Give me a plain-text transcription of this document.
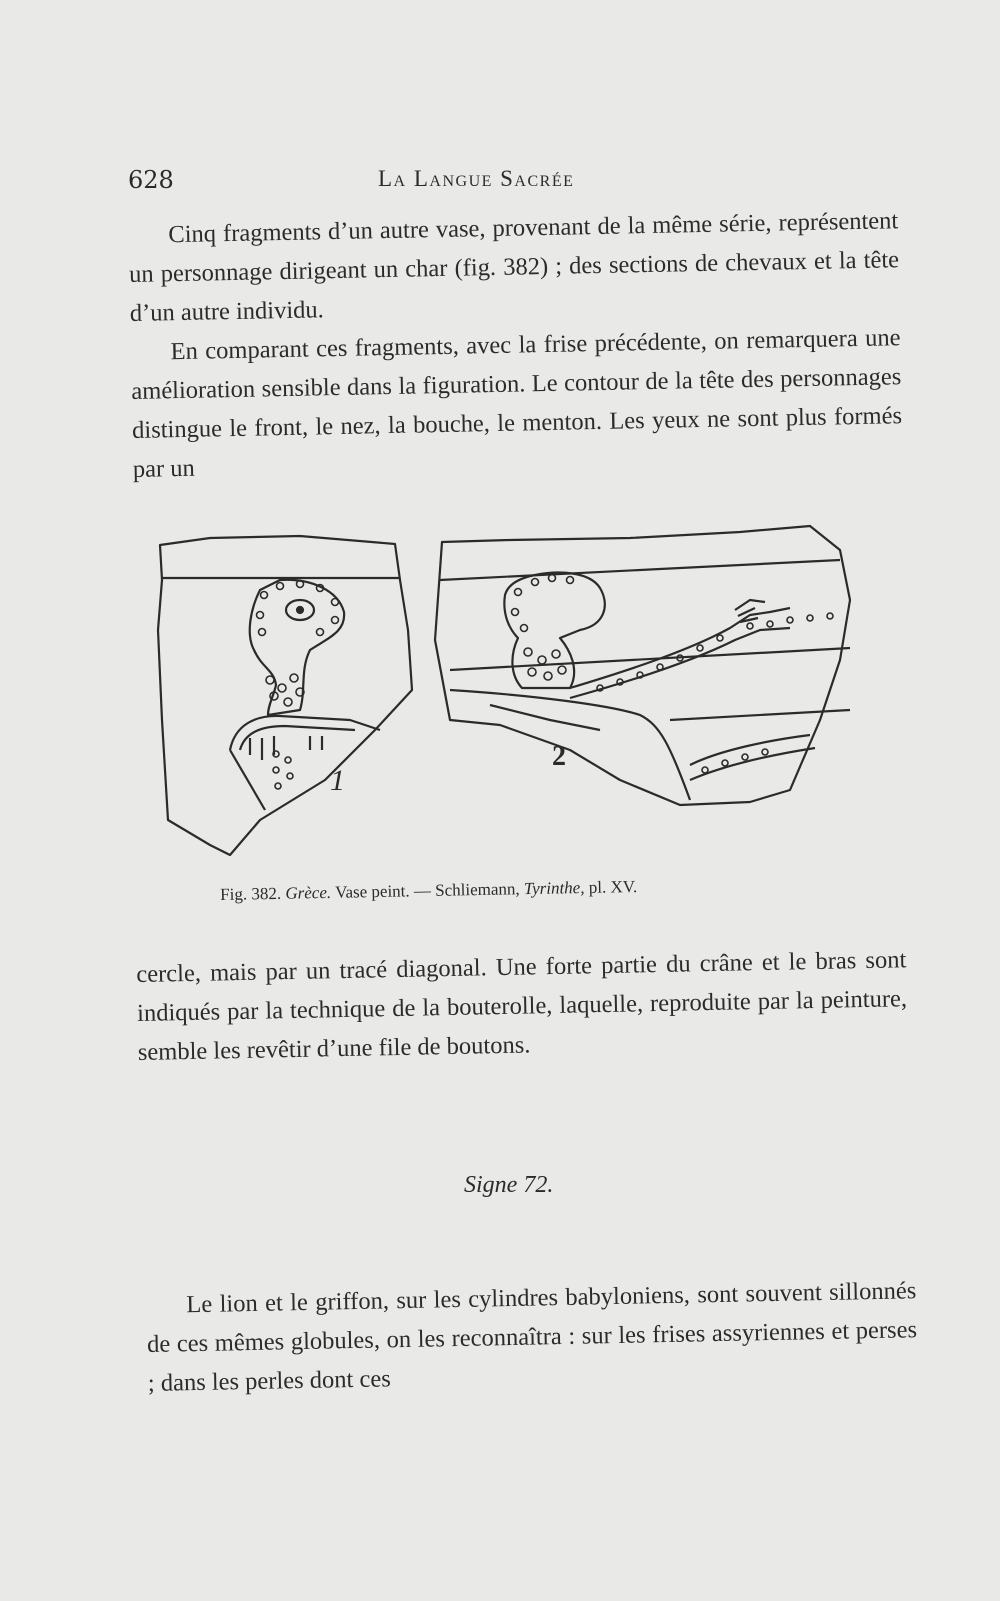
628	La Langue Sacrée

Cinq fragments d’un autre vase, provenant de la même série, représentent un personnage dirigeant un char (fig. 382) ; des sections de chevaux et la tête d’un autre individu.

En comparant ces fragments, avec la frise précédente, on remarquera une amélioration sensible dans la figuration. Le contour de la tête des personnages distingue le front, le nez, la bouche, le menton. Les yeux ne sont plus formés par un

1
2
Fig. 382. Grèce. Vase peint. — Schliemann, Tyrinthe, pl. XV.

cercle, mais par un tracé diagonal. Une forte partie du crâne et le bras sont indiqués par la technique de la bouterolle, laquelle, reproduite par la peinture, semble les revêtir d’une file de boutons.

Signe 72.

Le lion et le griffon, sur les cylindres babyloniens, sont souvent sillonnés de ces mêmes globules, on les reconnaîtra : sur les frises assyriennes et perses ; dans les perles dont ces
